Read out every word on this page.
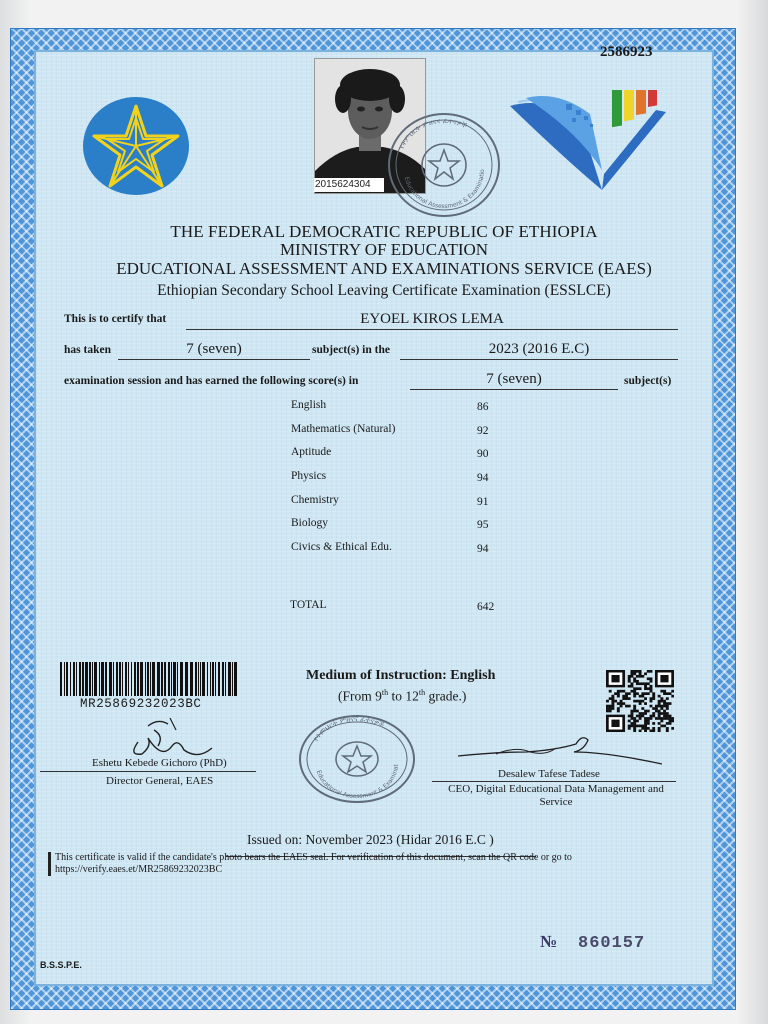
2586923
2015624304
የትምህርት ምዘናና ፈተናዎች
Educational Assessment & Examinatio
THE FEDERAL DEMOCRATIC REPUBLIC OF ETHIOPIA
MINISTRY OF EDUCATION
EDUCATIONAL ASSESSMENT AND EXAMINATIONS SERVICE (EAES)
Ethiopian Secondary School Leaving Certificate Examination (ESSLCE)
This is to certify that	EYOEL KIROS LEMA
has taken	7 (seven)	subject(s) in the	2023 (2016 E.C)
examination session and has earned the following score(s) in	7 (seven)	subject(s)
English	86
Mathematics (Natural)	92
Aptitude	90
Physics	94
Chemistry	91
Biology	95
Civics & Ethical Edu.	94
TOTAL	642
MR25869232023BC
Medium of Instruction: English
(From 9th to 12th grade.)
Eshetu Kebede Gichoro (PhD)
Director General, EAES
የትምህርት ምዘናና ፈተናዎች
Educational Assessment & Examinat
Desalew Tafese Tadese
CEO, Digital Educational Data Management and Service
Issued on: November 2023 (Hidar 2016 E.C )
This certificate is valid if the candidate's photo bears the EAES seal. For verification of this document, scan the QR code or go to https://verify.eaes.et/MR25869232023BC
№ 860157
B.S.S.P.E.
